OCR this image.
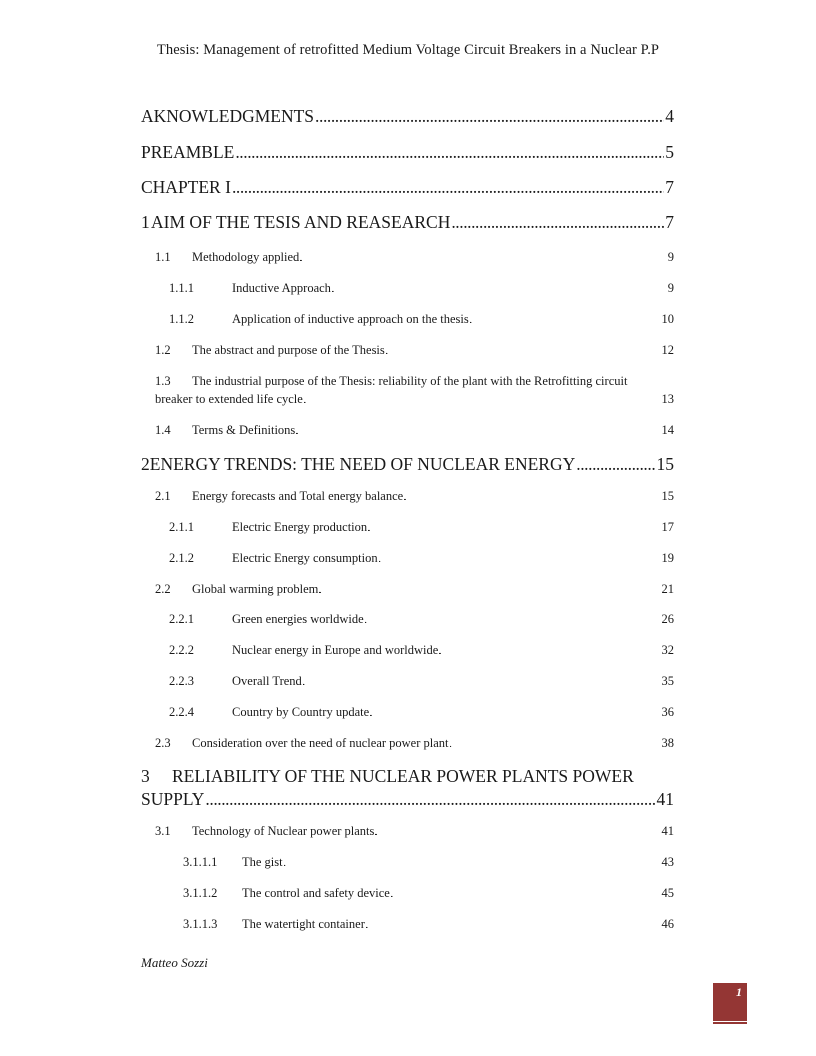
Thesis: Management of retrofitted Medium Voltage Circuit Breakers in a Nuclear P.P
AKNOWLEDGMENTS . . .	4
PREAMBLE . . .	5
CHAPTER I . . .	7
1 AIM OF THE TESIS AND REASEARCH . . .	7
1.1	Methodology applied . . .	9
1.1.1	Inductive Approach . . .	9
1.1.2	Application of inductive approach on the thesis . . .	10
1.2	The abstract and purpose of the Thesis . . .	12
1.3 The industrial purpose of the Thesis: reliability of the plant with the Retrofitting circuit
breaker to extended life cycle . . .	13
1.4	Terms & Definitions . . .	14
2 ENERGY TRENDS: THE NEED OF NUCLEAR ENERGY . . .	15
2.1	Energy forecasts and Total energy balance . . .	15
2.1.1	Electric Energy production . . .	17
2.1.2	Electric Energy consumption . . .	19
2.2	Global warming problem . . .	21
2.2.1	Green energies worldwide . . .	26
2.2.2	Nuclear energy in Europe and worldwide . . .	32
2.2.3	Overall Trend . . .	35
2.2.4	Country by Country update . . .	36
2.3	Consideration over the need of nuclear power plant . . .	38
3 RELIABILITY OF THE NUCLEAR POWER PLANTS POWER
SUPPLY . . .	41
3.1	Technology of Nuclear power plants . . .	41
3.1.1.1	The gist . . .	43
3.1.1.2	The control and safety device . . .	45
3.1.1.3	The watertight container . . .	46
Matteo Sozzi
1
